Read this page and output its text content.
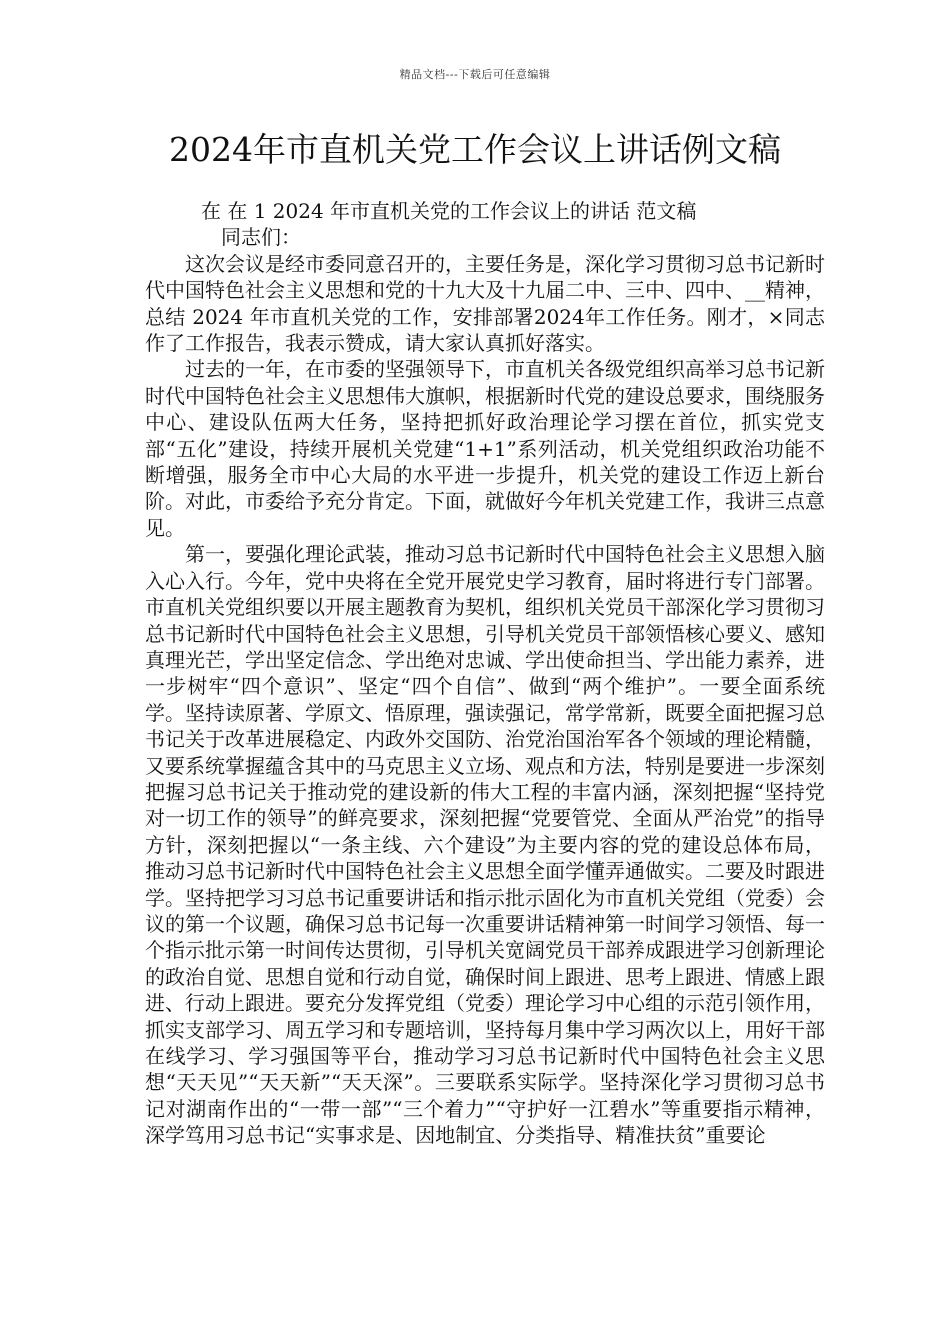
精品文档---下载后可任意编辑
2024年市直机关党工作会议上讲话例文稿

在 在 1 2024 年市直机关党的工作会议上的讲话 范文稿

同志们：

这次会议是经市委同意召开的，主要任务是，深化学习贯彻习总书记新时代中国特色社会主义思想和党的十九大及十九届二中、三中、四中、__精神，总结 2024 年市直机关党的工作，安排部署2024年工作任务。刚才，×同志作了工作报告，我表示赞成，请大家认真抓好落实。

过去的一年，在市委的坚强领导下，市直机关各级党组织高举习总书记新时代中国特色社会主义思想伟大旗帜，根据新时代党的建设总要求，围绕服务中心、建设队伍两大任务，坚持把抓好政治理论学习摆在首位，抓实党支部“五化”建设，持续开展机关党建“1+1”系列活动，机关党组织政治功能不断增强，服务全市中心大局的水平进一步提升，机关党的建设工作迈上新台阶。对此，市委给予充分肯定。下面，就做好今年机关党建工作，我讲三点意见。

第一，要强化理论武装，推动习总书记新时代中国特色社会主义思想入脑入心入行。今年，党中央将在全党开展党史学习教育，届时将进行专门部署。市直机关党组织要以开展主题教育为契机，组织机关党员干部深化学习贯彻习总书记新时代中国特色社会主义思想，引导机关党员干部领悟核心要义、感知真理光芒，学出坚定信念、学出绝对忠诚、学出使命担当、学出能力素养，进一步树牢“四个意识”、坚定“四个自信”、做到“两个维护”。一要全面系统学。坚持读原著、学原文、悟原理，强读强记，常学常新，既要全面把握习总书记关于改革进展稳定、内政外交国防、治党治国治军各个领域的理论精髓，又要系统掌握蕴含其中的马克思主义立场、观点和方法，特别是要进一步深刻把握习总书记关于推动党的建设新的伟大工程的丰富内涵，深刻把握“坚持党对一切工作的领导”的鲜亮要求，深刻把握“党要管党、全面从严治党”的指导方针，深刻把握以“一条主线、六个建设”为主要内容的党的建设总体布局，推动习总书记新时代中国特色社会主义思想全面学懂弄通做实。二要及时跟进学。坚持把学习习总书记重要讲话和指示批示固化为市直机关党组（党委）会议的第一个议题，确保习总书记每一次重要讲话精神第一时间学习领悟、每一个指示批示第一时间传达贯彻，引导机关宽阔党员干部养成跟进学习创新理论的政治自觉、思想自觉和行动自觉，确保时间上跟进、思考上跟进、情感上跟进、行动上跟进。要充分发挥党组（党委）理论学习中心组的示范引领作用，抓实支部学习、周五学习和专题培训，坚持每月集中学习两次以上，用好干部在线学习、学习强国等平台，推动学习习总书记新时代中国特色社会主义思想“天天见”“天天新”“天天深”。三要联系实际学。坚持深化学习贯彻习总书记对湖南作出的“一带一部”“三个着力”“守护好一江碧水”等重要指示精神，深学笃用习总书记“实事求是、因地制宜、分类指导、精准扶贫”重要论
